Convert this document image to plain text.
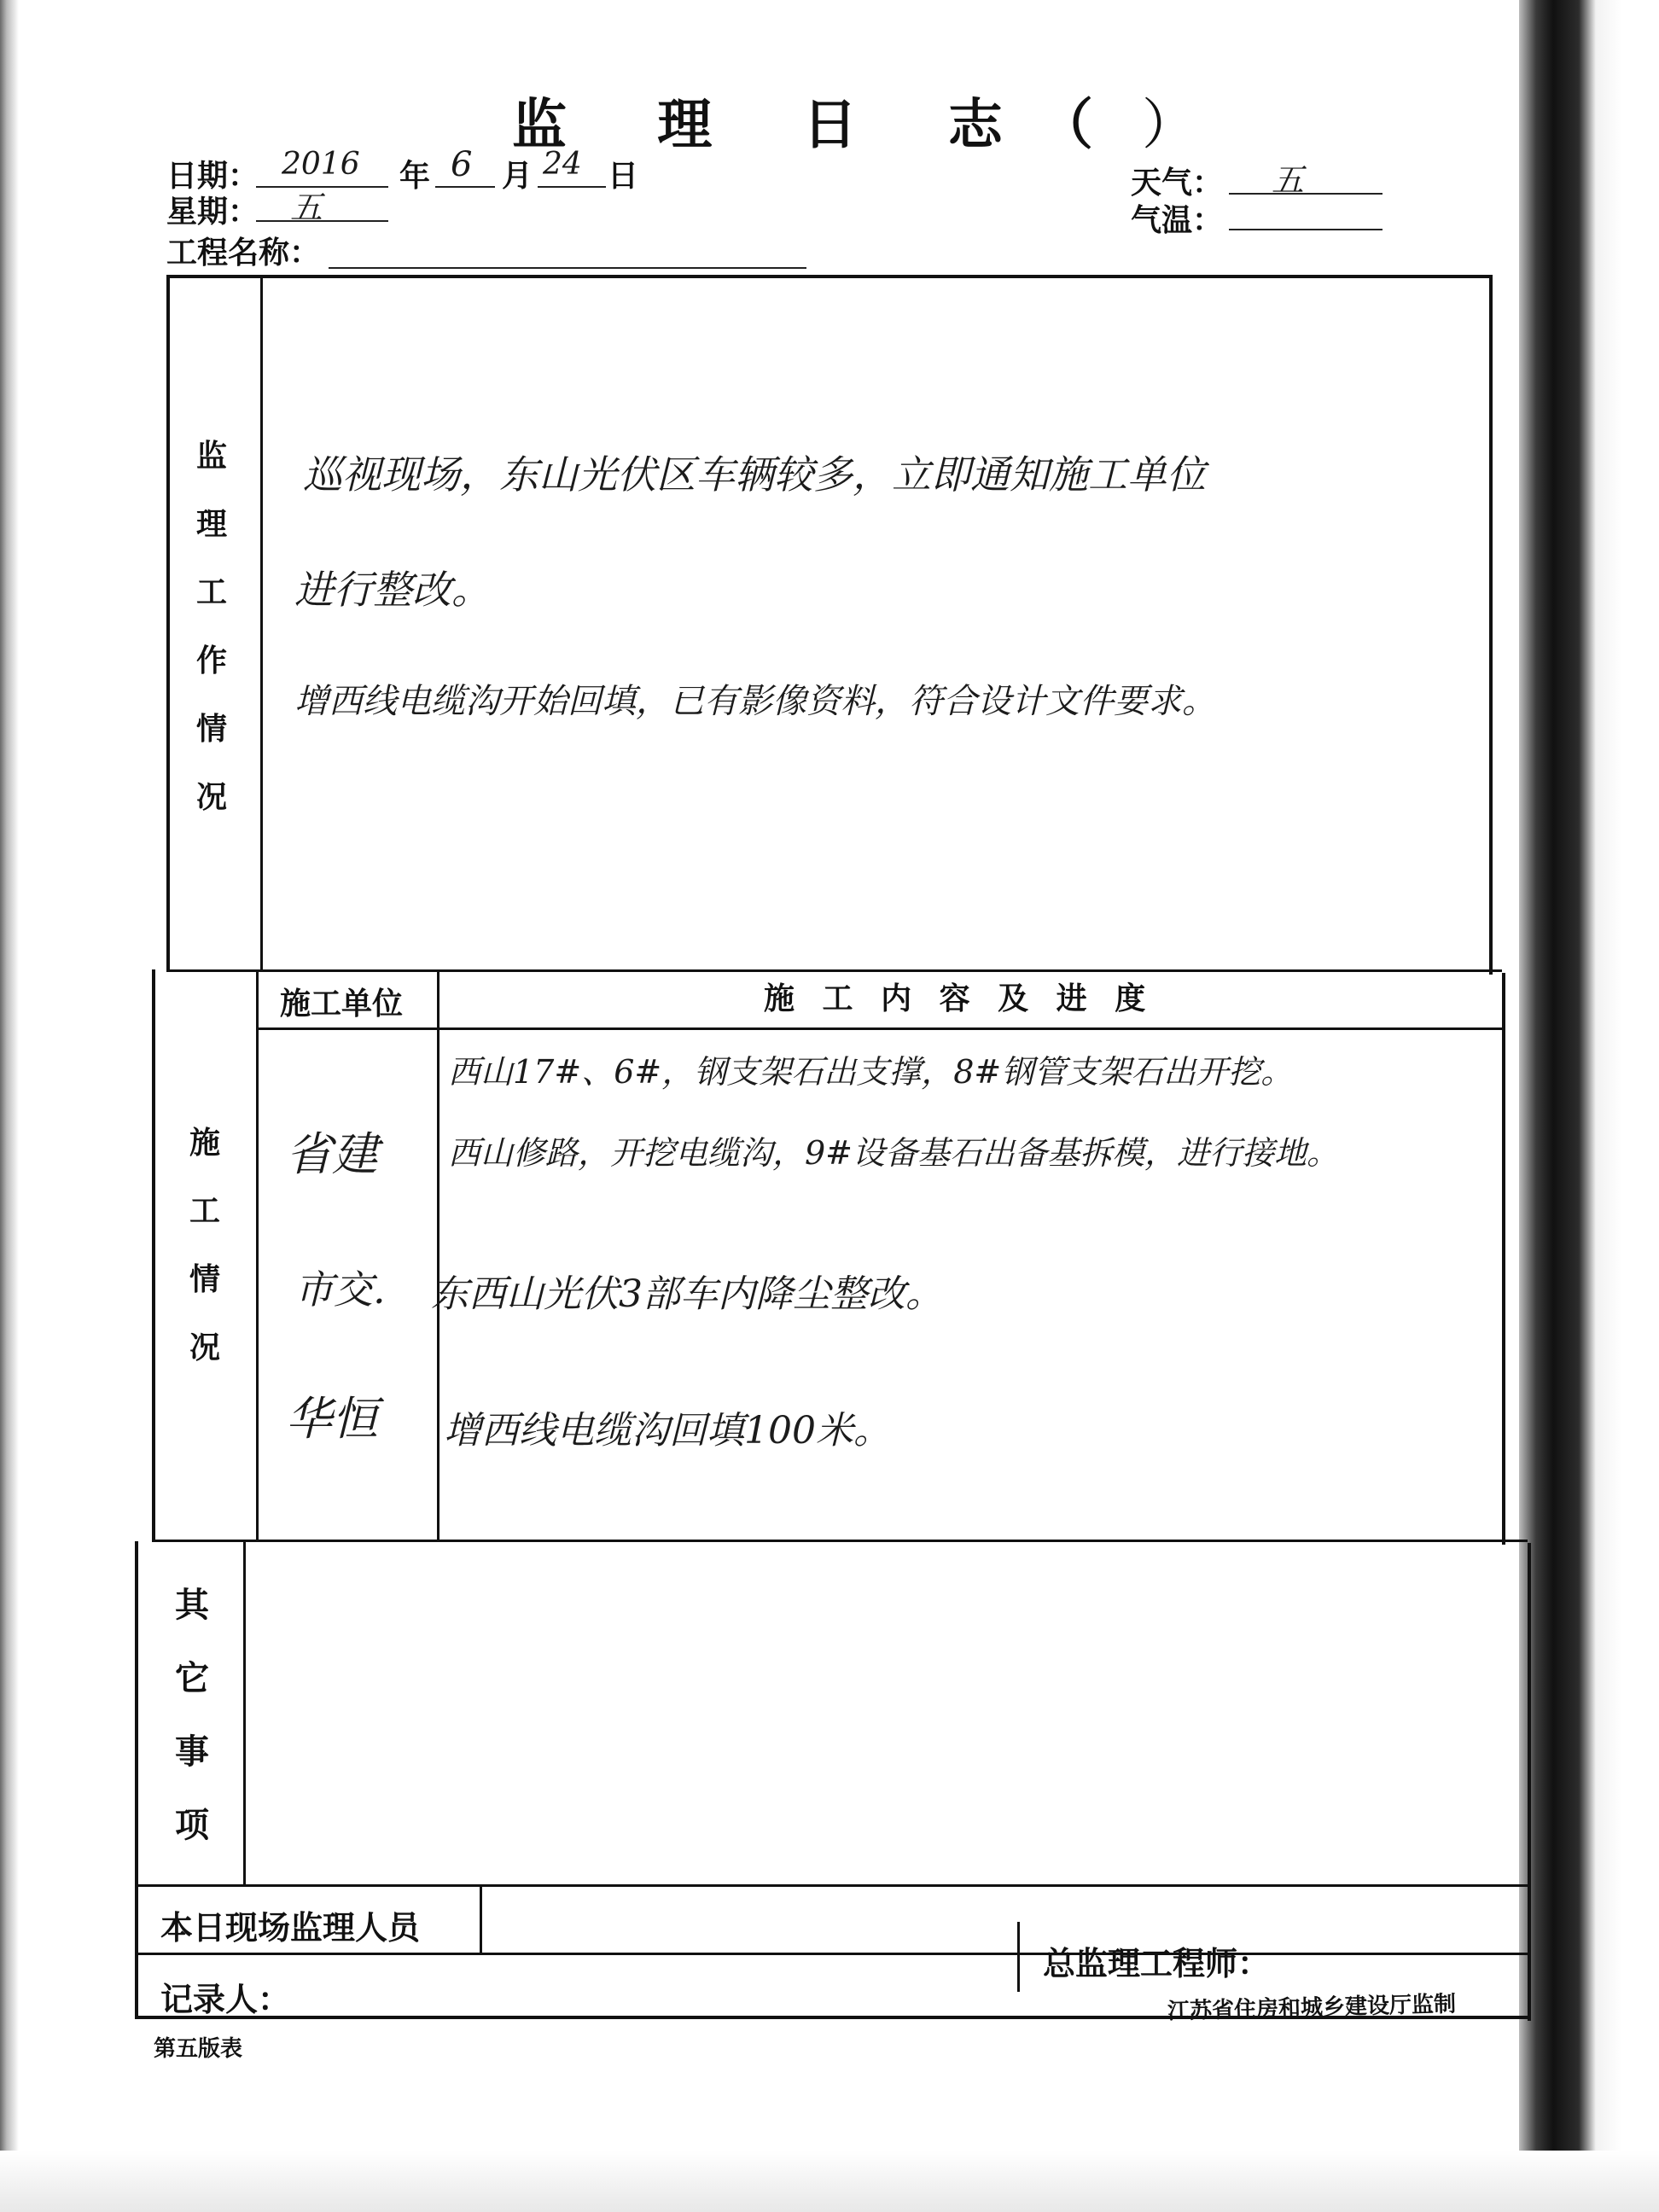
监 理 日 志（ ）
日期： 2016 年 6 月 24 日
星期： 五
工程名称：
天气： 五
气温：
监
理
工
作
情
况
施
工
情
况
其
它
事
项
巡视现场，东山光伏区车辆较多，立即通知施工单位
进行整改。
增西线电缆沟开始回填，已有影像资料，符合设计文件要求。
施工单位	施 工 内 容 及 进 度
省建
市交.
华恒
西山17#、6#，钢支架石出支撑，8#钢管支架石出开挖。
西山修路，开挖电缆沟，9#设备基石出备基拆模，进行接地。
东西山光伏3部车内降尘整改。
增西线电缆沟回填100米。
本日现场监理人员
总监理工程师：
记录人：	江苏省住房和城乡建设厅监制
第五版表
